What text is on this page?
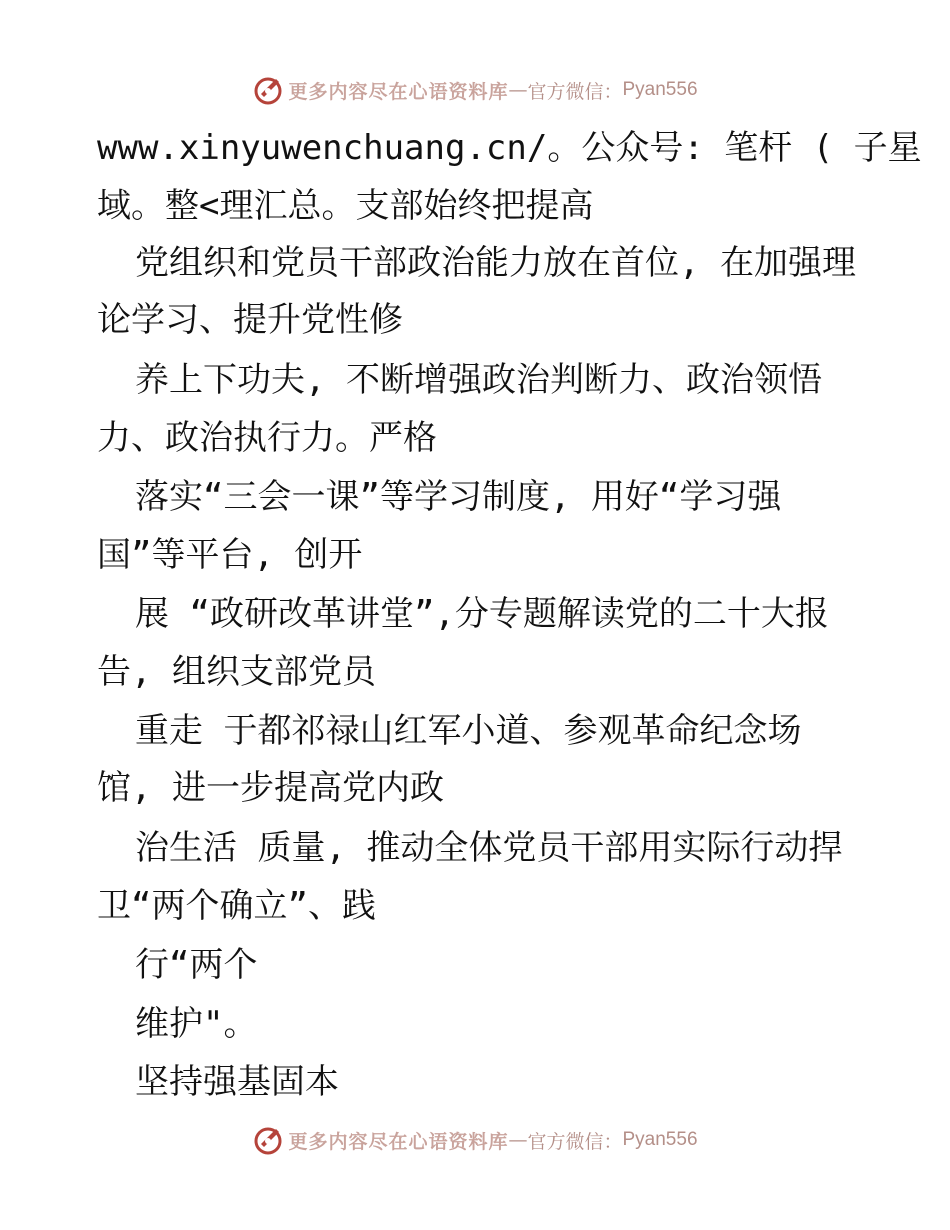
更多内容尽在心语资料库 — 官方微信： Pyan556
www.xinyuwenchuang.cn/。公众号: 笔杆 ( 子星
域。整<理汇总。支部始终把提高
党组织和党员干部政治能力放在首位, 在加强理
论学习、提升党性修
养上下功夫, 不断增强政治判断力、政治领悟
力、政治执行力。严格
落实“三会一课”等学习制度, 用好“学习强
国”等平台, 创开
展 “政研改革讲堂”,分专题解读党的二十大报
告, 组织支部党员
重走 于都祁禄山红军小道、参观革命纪念场
馆, 进一步提高党内政
治生活 质量, 推动全体党员干部用实际行动捍
卫“两个确立”、践
行“两个
维护"。
坚持强基固本
更多内容尽在心语资料库 — 官方微信： Pyan556
